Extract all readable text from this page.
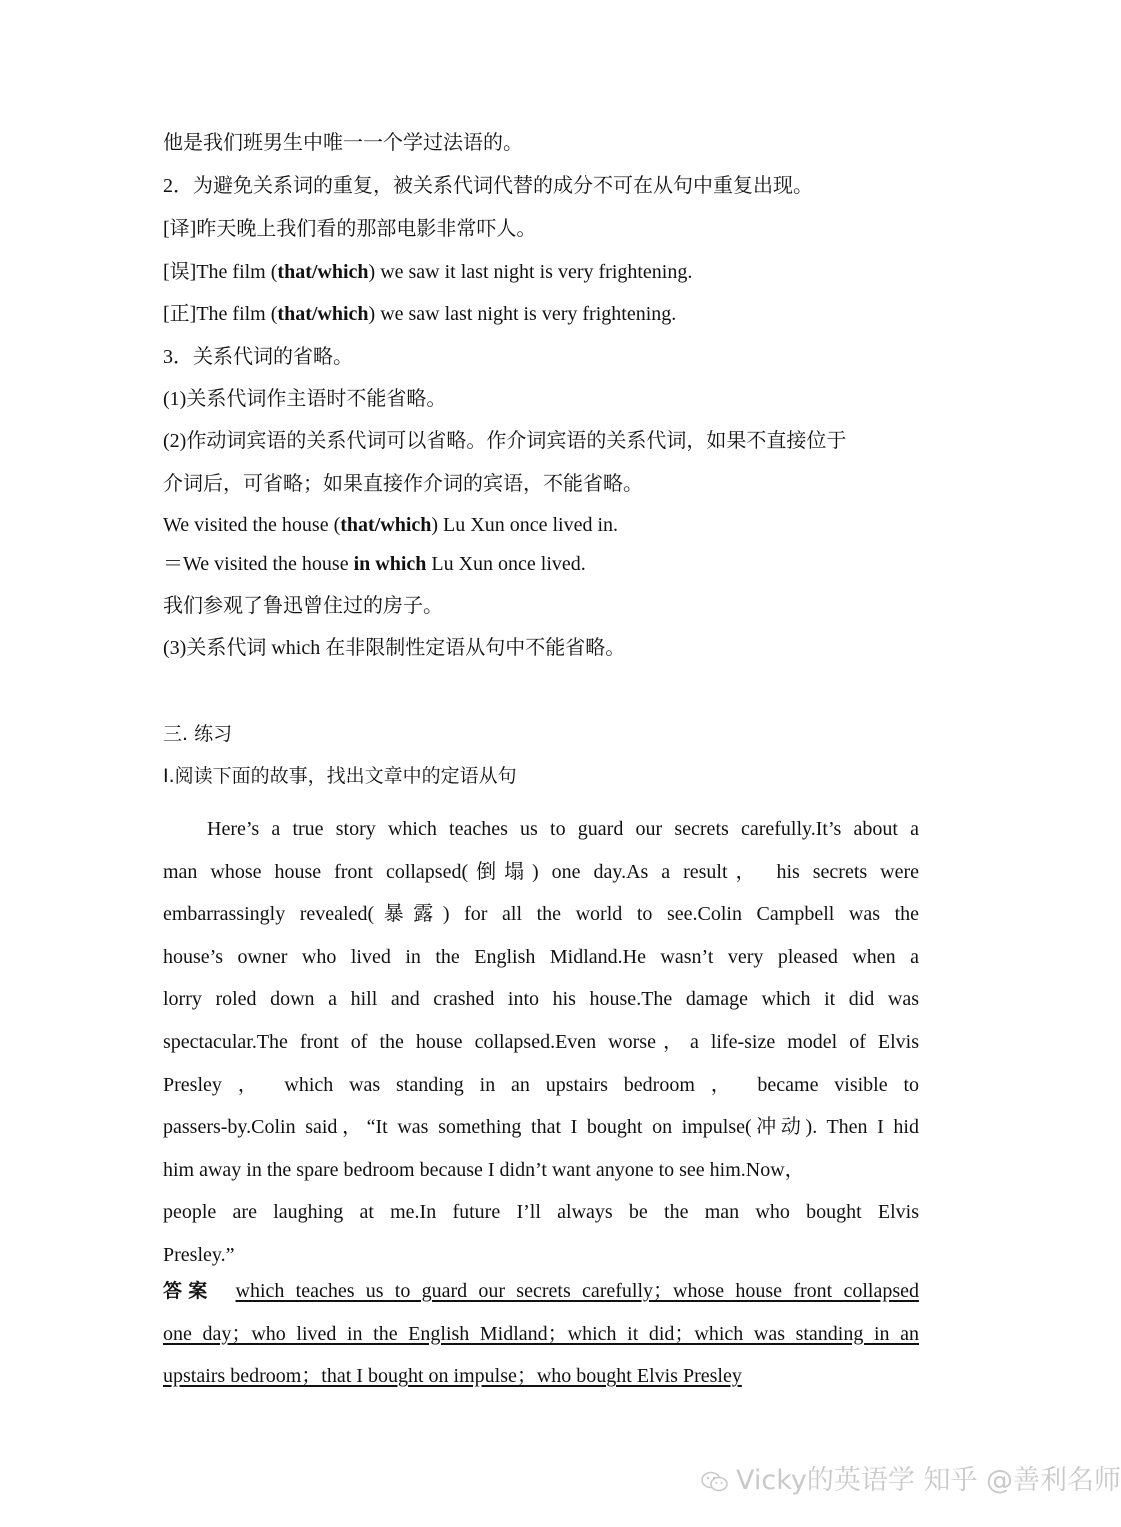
他是我们班男生中唯一一个学过法语的。
2．为避免关系词的重复，被关系代词代替的成分不可在从句中重复出现。
[译]昨天晚上我们看的那部电影非常吓人。
[误]The film (that/which) we saw it last night is very frightening.
[正]The film (that/which) we saw last night is very frightening.
3．关系代词的省略。
(1)关系代词作主语时不能省略。
(2)作动词宾语的关系代词可以省略。作介词宾语的关系代词，如果不直接位于
介词后，可省略；如果直接作介词的宾语，不能省略。
We visited the house (that/which) Lu Xun once lived in.
＝We visited the house in which Lu Xun once lived.
我们参观了鲁迅曾住过的房子。
(3)关系代词 which 在非限制性定语从句中不能省略。
三. 练习
Ⅰ.阅读下面的故事，找出文章中的定语从句
Here’s a true story which teaches us to guard our secrets carefully.It’s about a
man whose house front collapsed(倒塌) one day.As a result， his secrets were
embarrassingly revealed(暴露) for all the world to see.Colin Campbell was the
house’s owner who lived in the English Midland.He wasn’t very pleased when a
lorry roled down a hill and crashed into his house.The damage which it did was
spectacular.The front of the house collapsed.Even worse，a life-size model of Elvis
Presley ， which was standing in an upstairs bedroom ， became visible to
passers-by.Colin said，“It was something that I bought on impulse(冲动). Then I hid
him away in the spare bedroom because I didn’t want anyone to see him.Now，
people are laughing at me.In future I’ll always be the man who bought Elvis
Presley.”
答案 which teaches us to guard our secrets carefully；whose house front collapsed
one day；who lived in the English Midland；which it did；which was standing in an
upstairs bedroom；that I bought on impulse；who bought Elvis Presley
Vicky的英语学 知乎 @善利名师
